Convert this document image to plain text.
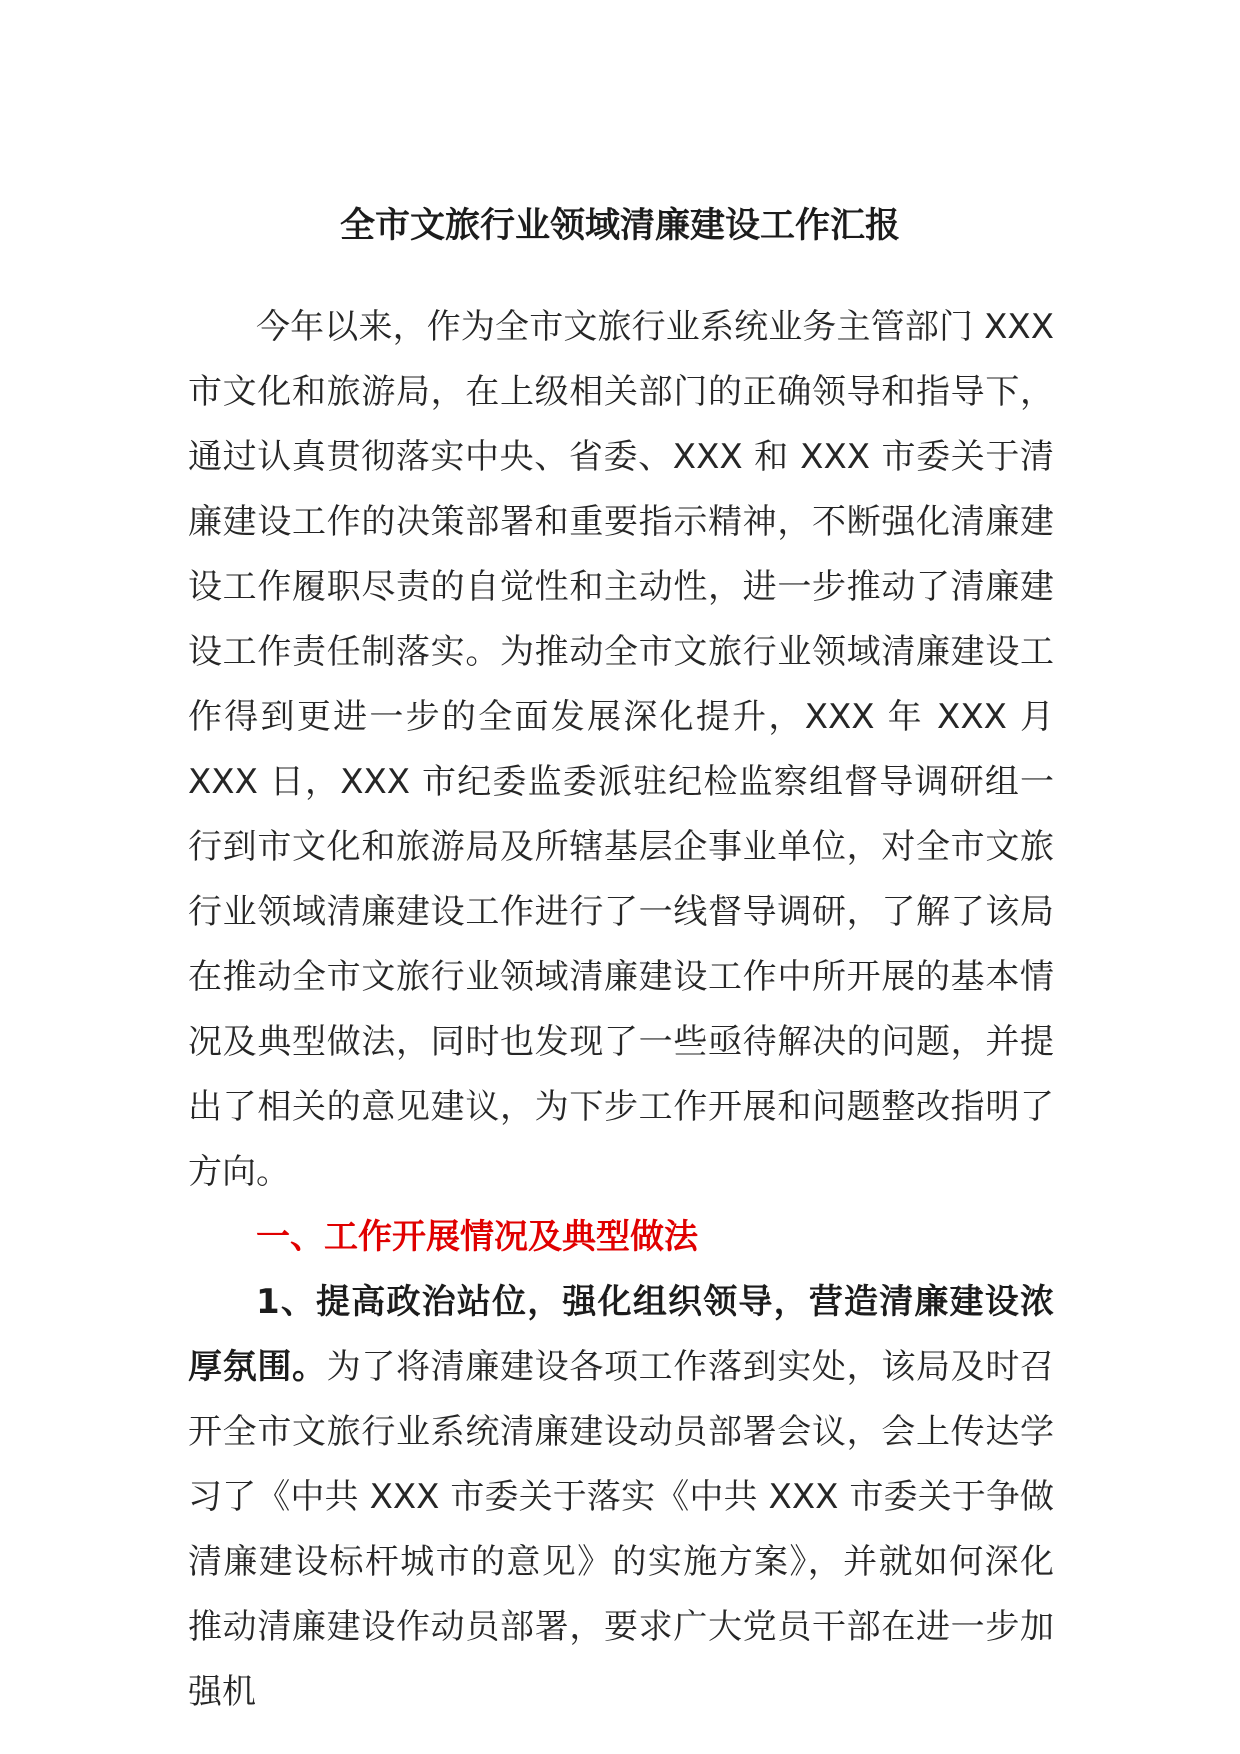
全市文旅行业领域清廉建设工作汇报

今年以来，作为全市文旅行业系统业务主管部门 XXX 市文化和旅游局，在上级相关部门的正确领导和指导下，通过认真贯彻落实中央、省委、XXX 和 XXX 市委关于清廉建设工作的决策部署和重要指示精神，不断强化清廉建设工作履职尽责的自觉性和主动性，进一步推动了清廉建设工作责任制落实。为推动全市文旅行业领域清廉建设工作得到更进一步的全面发展深化提升，XXX 年 XXX 月 XXX 日，XXX 市纪委监委派驻纪检监察组督导调研组一行到市文化和旅游局及所辖基层企事业单位，对全市文旅行业领域清廉建设工作进行了一线督导调研，了解了该局在推动全市文旅行业领域清廉建设工作中所开展的基本情况及典型做法，同时也发现了一些亟待解决的问题，并提出了相关的意见建议，为下步工作开展和问题整改指明了方向。

一、工作开展情况及典型做法

1、提高政治站位，强化组织领导，营造清廉建设浓厚氛围。为了将清廉建设各项工作落到实处，该局及时召开全市文旅行业系统清廉建设动员部署会议，会上传达学习了《中共 XXX 市委关于落实《中共 XXX 市委关于争做清廉建设标杆城市的意见》的实施方案》，并就如何深化推动清廉建设作动员部署，要求广大党员干部在进一步加强机
